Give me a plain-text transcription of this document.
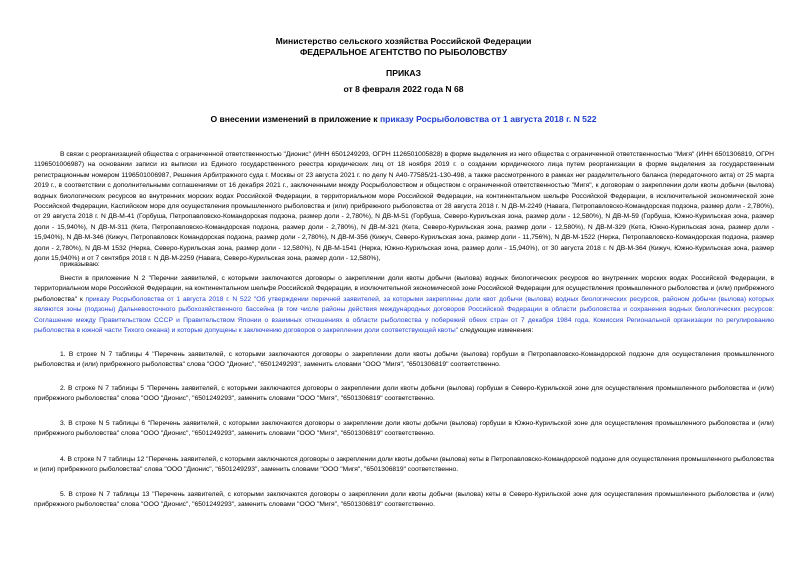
Министерство сельского хозяйства Российской Федерации
ФЕДЕРАЛЬНОЕ АГЕНТСТВО ПО РЫБОЛОВСТВУ
ПРИКАЗ
от 8 февраля 2022 года N 68
О внесении изменений в приложение к приказу Росрыболовства от 1 августа 2018 г. N 522
В связи с реорганизацией общества с ограниченной ответственностью "Дионис" (ИНН 6501249293, ОГРН 1126501005828) в форме выделения из него общества с ограниченной ответственностью "Мигя" (ИНН 6501306819, ОГРН 1196501006987) на основании записи из выписки из Единого государственного реестра юридических лиц от 18 ноября 2019 г. о создании юридического лица путем реорганизации в форме выделения за государственным регистрационным номером 1196501006987, Решения Арбитражного суда г. Москвы от 23 августа 2021 г. по делу N А40-77585/21-130-498, а также рассмотренного в рамках нег разделительного баланса (передаточного акта) от 25 марта 2019 г., в соответствии с дополнительными соглашениями от 16 декабря 2021 г., заключенными между Росрыболовством и обществом с ограниченной ответственностью "Мигя", к договорам о закреплении доли квоты добычи (вылова) водных биологических ресурсов во внутренних морских водах Российской Федерации, в территориальном море Российской Федерации, на континентальном шельфе Российской Федерации, в исключительной экономической зоне Российской Федерации, Каспийском море для осуществления промышленного рыболовства и (или) прибрежного рыболовства от 28 августа 2018 г. N ДВ-М-2249 (Навага, Петропавловско-Командорская подзона, размер доли - 2,780%), от 29 августа 2018 г. N ДВ-М-41 (Горбуша, Петропавловско-Командорская подзона, размер доли - 2,780%), N ДВ-М-51 (Горбуша, Северо-Курильская зона, размер доли - 12,580%), N ДВ-М-59 (Горбуша, Южно-Курильская зона, размер доли - 15,940%), N ДВ-М-311 (Кета, Петропавловско-Командорская подзона, размер доли - 2,780%), N ДВ-М-321 (Кета, Северо-Курильская зона, размер доли - 12,580%), N ДВ-М-329 (Кета, Южно-Курильская зона, размер доли - 15,940%), N ДВ-М-346 (Кижуч, Петропавловск Командорская подзона, размер доли - 2,780%), N ДВ-М-356 (Кижуч, Северо-Курильская зона, размер доли - 11,756%), N ДВ-М-1522 (Нерка, Петропавловско-Командорская подзона, размер доли - 2,780%), N ДВ-М 1532 (Нерка, Северо-Курильская зона, размер доли - 12,580%), N ДВ-М-1541 (Нерка, Южно-Курильская зона, размер доли - 15,940%), от 30 августа 2018 г. N ДВ-М-364 (Кижуч, Южно-Курильская зона, размер доли 15,940%) и от 7 сентября 2018 г. N ДВ-М-2259 (Навага, Северо-Курильская зона, размер доли - 12,580%),
приказываю:
Внести в приложение N 2 "Перечни заявителей, с которыми заключаются договоры о закреплении доли квоты добычи (вылова) водных биологических ресурсов во внутренних морских водах Российской Федерации, в территориальном море Российской Федерации, на континентальном шельфе Российской Федерации, в исключительной экономической зоне Российской Федерации для осуществления промышленного рыболовства и (или) прибрежного рыболовства" к приказу Росрыболовства от 1 августа 2018 г. N 522 "Об утверждении перечней заявителей, за которыми закреплены доли квот добычи (вылова) водных биологических ресурсов, районом добычи (вылова) которых являются зоны (подзоны) Дальневосточного рыбохозяйственного бассейна (в том числе районы действия международных договоров Российской Федерации в области рыболовства и сохранения водных биологических ресурсов: Соглашение между Правительством СССР и Правительством Японии о взаимных отношениях в области рыболовства у побережий обеих стран от 7 декабря 1984 года, Комиссия Региональной организации по регулированию рыболовства в южной части Тихого океана) и которые допущены к заключению договоров о закреплении доли соответствующей квоты" следующие изменения:
1. В строке N 7 таблицы 4 "Перечень заявителей, с которыми заключаются договоры о закреплении доли квоты добычи (вылова) горбуши в Петропавловско-Командорской подзоне для осуществления промышленного рыболовства и (или) прибрежного рыболовства" слова "ООО "Дионис", "6501249293", заменить словами "ООО "Мигя", "6501306819" соответственно.
2. В строке N 7 таблицы 5 "Перечень заявителей, с которыми заключаются договоры о закреплении доли квоты добычи (вылова) горбуши в Северо-Курильской зоне для осуществления промышленного рыболовства и (или) прибрежного рыболовства" слова "ООО "Дионис", "6501249293", заменить словами "ООО "Мигя", "6501306819" соответственно.
3. В строке N 5 таблицы 6 "Перечень заявителей, с которыми заключаются договоры о закреплении доли квоты добычи (вылова) горбуши в Южно-Курильской зоне для осуществления промышленного рыболовства и (или) прибрежного рыболовства" слова "ООО "Дионис", "6501249293", заменить словами "ООО "Мигя", "6501306819" соответственно.
4. В строке N 7 таблицы 12 "Перечень заявителей, с которыми заключаются договоры о закреплении доли квоты добычи (вылова) кеты в Петропавловско-Командорской подзоне для осуществления промышленного рыболовства и (или) прибрежного рыболовства" слова "ООО "Дионис", "6501249293", заменить словами "ООО "Мигя", "6501306819" соответственно.
5. В строке N 7 таблицы 13 "Перечень заявителей, с которыми заключаются договоры о закреплении доли квоты добычи (вылова) кеты в Северо-Курильской зоне для осуществления промышленного рыболовства и (или) прибрежного рыболовства" слова "ООО "Дионис", "6501249293", заменить словами "ООО "Мигя", "6501306819" соответственно.
